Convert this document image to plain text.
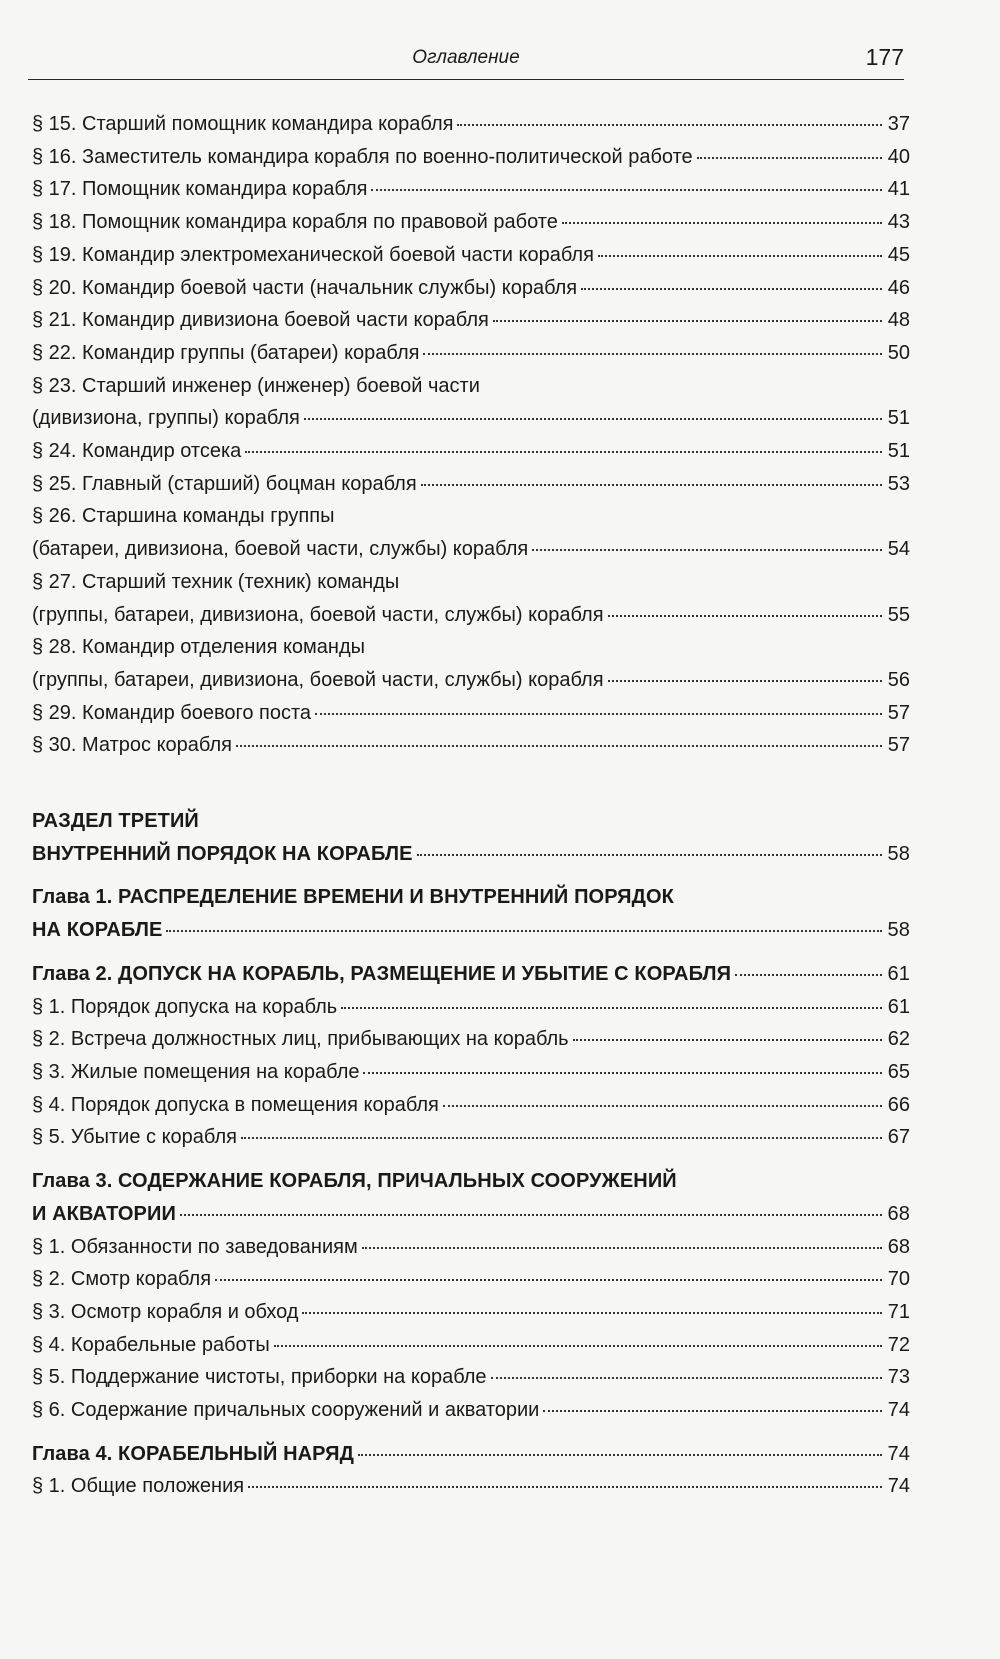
Оглавление	177
§ 15. Старший помощник командира корабля	37
§ 16. Заместитель командира корабля по военно-политической работе	40
§ 17. Помощник командира корабля	41
§ 18. Помощник командира корабля по правовой работе	43
§ 19. Командир электромеханической боевой части корабля	45
§ 20. Командир боевой части (начальник службы) корабля	46
§ 21. Командир дивизиона боевой части корабля	48
§ 22. Командир группы (батареи) корабля	50
§ 23. Старший инженер (инженер) боевой части
(дивизиона, группы) корабля	51
§ 24. Командир отсека	51
§ 25. Главный (старший) боцман корабля	53
§ 26. Старшина команды группы
(батареи, дивизиона, боевой части, службы) корабля	54
§ 27. Старший техник (техник) команды
(группы, батареи, дивизиона, боевой части, службы) корабля	55
§ 28. Командир отделения команды
(группы, батареи, дивизиона, боевой части, службы) корабля	56
§ 29. Командир боевого поста	57
§ 30. Матрос корабля	57
РАЗДЕЛ ТРЕТИЙ
ВНУТРЕННИЙ ПОРЯДОК НА КОРАБЛЕ	58
Глава 1. РАСПРЕДЕЛЕНИЕ ВРЕМЕНИ И ВНУТРЕННИЙ ПОРЯДОК
НА КОРАБЛЕ	58
Глава 2. ДОПУСК НА КОРАБЛЬ, РАЗМЕЩЕНИЕ И УБЫТИЕ С КОРАБЛЯ	61
§ 1. Порядок допуска на корабль	61
§ 2. Встреча должностных лиц, прибывающих на корабль	62
§ 3. Жилые помещения на корабле	65
§ 4. Порядок допуска в помещения корабля	66
§ 5. Убытие с корабля	67
Глава 3. СОДЕРЖАНИЕ КОРАБЛЯ, ПРИЧАЛЬНЫХ СООРУЖЕНИЙ
И АКВАТОРИИ	68
§ 1. Обязанности по заведованиям	68
§ 2. Смотр корабля	70
§ 3. Осмотр корабля и обход	71
§ 4. Корабельные работы	72
§ 5. Поддержание чистоты, приборки на корабле	73
§ 6. Содержание причальных сооружений и акватории	74
Глава 4. КОРАБЕЛЬНЫЙ НАРЯД	74
§ 1. Общие положения	74
